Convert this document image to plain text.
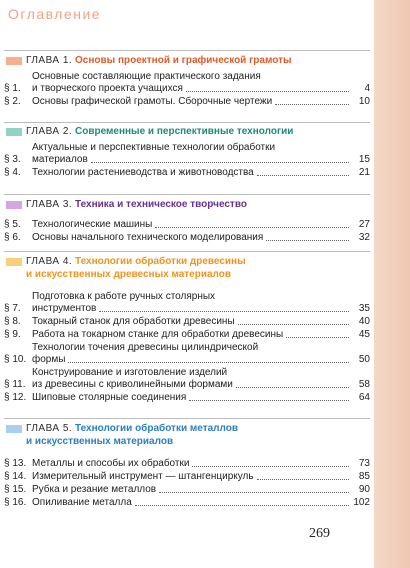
Оглавление
ГЛАВА 1. Основы проектной и графической грамоты
§ 1.
Основные составляющие практического задания
и творческого проекта учащихся	4
§ 2.	Основы графической грамоты. Сборочные чертежи	10
ГЛАВА 2. Современные и перспективные технологии
§ 3.
Актуальные и перспективные технологии обработки
материалов	15
§ 4.	Технологии растениеводства и животноводства	21
ГЛАВА 3. Техника и техническое творчество
§ 5.	Технологические машины	27
§ 6.	Основы начального технического моделирования	32
ГЛАВА 4. Технологии обработки древесины
и искусственных древесных материалов
§ 7.
Подготовка к работе ручных столярных
инструментов	35
§ 8.	Токарный станок для обработки древесины	40
§ 9.	Работа на токарном станке для обработки древесины	45
§ 10.
Технологии точения древесины цилиндрической
формы	50
§ 11.
Конструирование и изготовление изделий
из древесины с криволинейными формами	58
§ 12. Шиповые столярные соединения	64
ГЛАВА 5. Технологии обработки металлов
и искусственных материалов
§ 13. Металлы и способы их обработки	73
§ 14. Измерительный инструмент — штангенциркуль	85
§ 15. Рубка и резание металлов	90
§ 16. Опиливание металла	102
269
